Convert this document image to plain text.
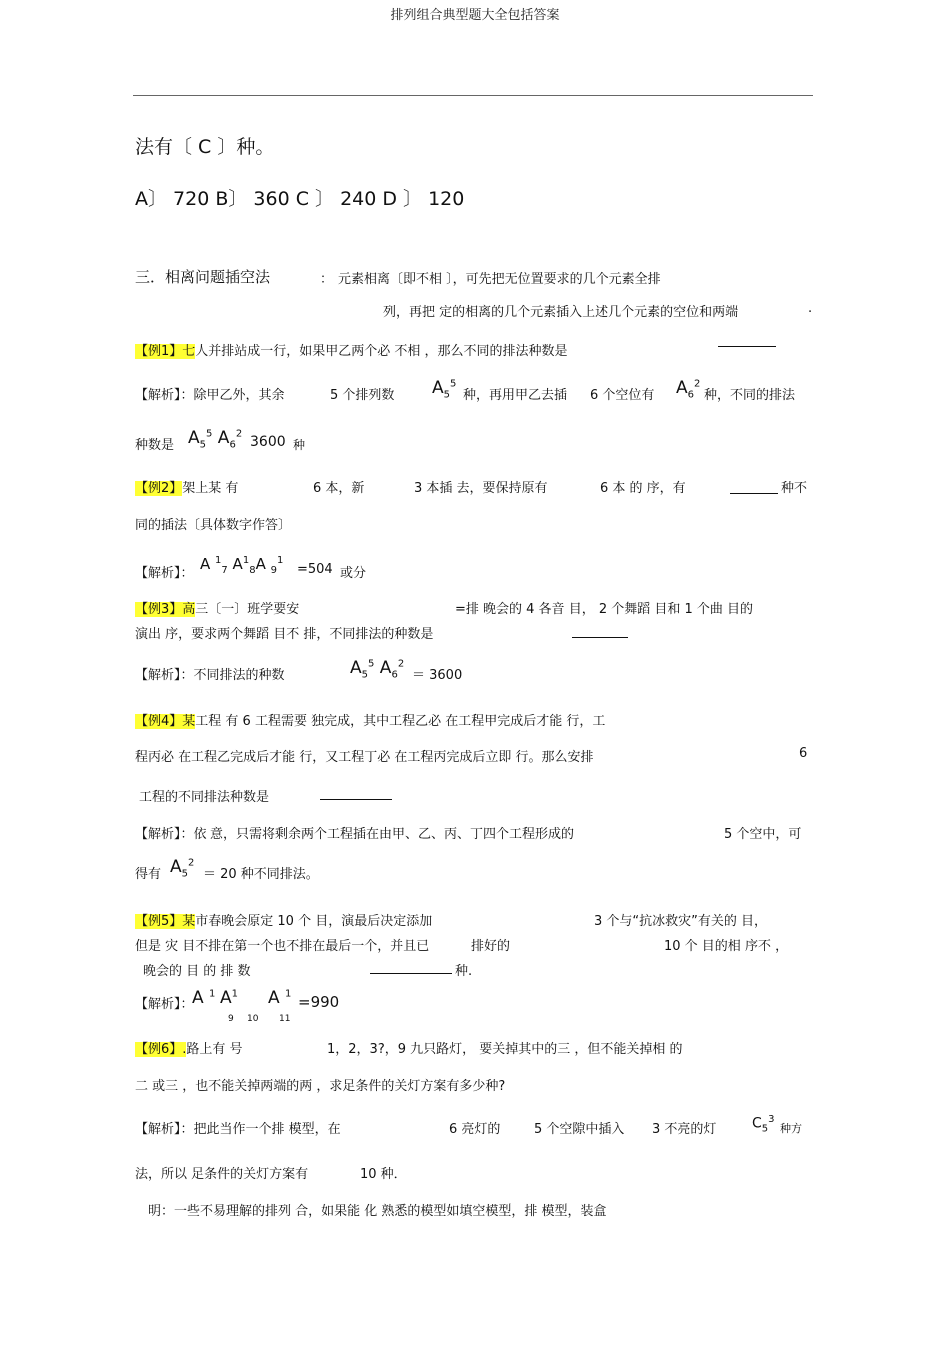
排列组合典型题大全包括答案
法有〔 C 〕种。
A〕 720 B〕 360 C 〕 240 D 〕 120
三．相离问题插空法	： 元素相离〔即不相 〕，可先把无位置要求的几个元素全排
列，再把 定的相离的几个元素插入上述几个元素的空位和两端	.
【例1】七人并排站成一行，如果甲乙两个必 不相 ，那么不同的排法种数是
【解析】：除甲乙外，其余	5 个排列数 $A_5^5$
种，再用甲乙去插 6 个空位有 $A_6^2$
种，不同的排法
种数是 $A_5^5$ $A_6^2$
3600 种
【例2】架上某 有	6 本，新	3 本插 去，要保持原有	6 本 的 序，有	种不
同的插法〔具体数字作答〕
【解析】：
A $^1_7$ $A^1_8A$ $_9^1$
=504 或分
【例3】高三〔一〕班学要安	=排 晚会的 4 各音 目， 2 个舞蹈 目和 1 个曲 目的
演出 序，要求两个舞蹈 目不 排，不同排法的种数是
【解析】：不同排法的种数	$A_5^5$ $A_6^2$
＝ 3600
【例4】某工程 有 6 工程需要 独完成，其中工程乙必 在工程甲完成后才能 行，工
程丙必 在工程乙完成后才能 行，又工程丁必 在工程丙完成后立即 行。那么安排	6
工程的不同排法种数是
【解析】：依 意，只需将剩余两个工程插在由甲、乙、丙、丁四个工程形成的	5 个空中，可
得有 $A_5^2$
＝ 20 种不同排法。
【例5】某市春晚会原定 10 个 目，演最后决定添加	3 个与“抗冰救灾”有关的 目，
但是 灾 目不排在第一个也不排在最后一个，并且已	排好的	10 个 目的相 序不 ，
晚会的 目 的 排 数	种.
【解析】：
A $^1$ $A^1$ A $^1$ =990
9 10 11
【例6】.路上有 号	1，2，3?，9 九只路灯， 要关掉其中的三 ，但不能关掉相 的
二 或三 ，也不能关掉两端的两 ，求足条件的关灯方案有多少种?
【解析】：把此当作一个排 模型，在	6 亮灯的	5 个空隙中插入 3 不亮的灯	$C_5^3$
种方
法，所以 足条件的关灯方案有	10 种．
明：一些不易理解的排列 合，如果能 化 熟悉的模型如填空模型，排 模型，装盒
